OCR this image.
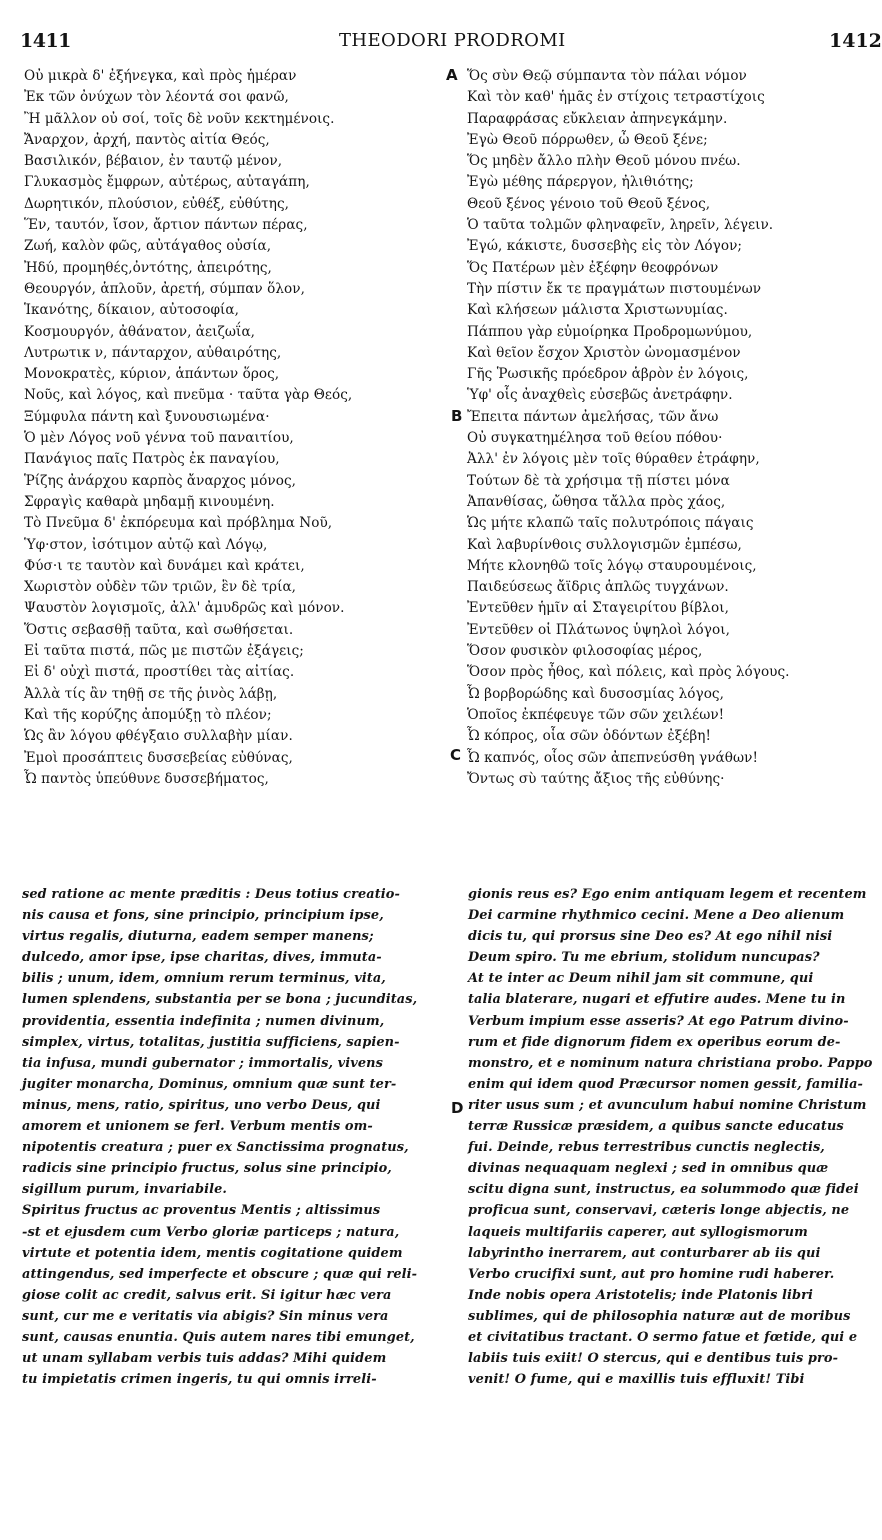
1411	THEODORI PRODROMI	1412
A
B
C
D
Οὐ μικρὰ δ' ἐξήνεγκα, καὶ πρὸς ἡμέραν
Ἐκ τῶν ὀνύχων τὸν λέοντά σοι φανῶ,
Ἢ μᾶλλον οὐ σοί, τοῖς δὲ νοῦν κεκτημένοις.
Ἄναρχον, ἀρχή, παντὸς αἰτία Θεός,
Βασιλικόν, βέβαιον, ἐν ταυτῷ μένον,
Γλυκασμὸς ἔμφρων, αὐτέρως, αὐταγάπη,
Δωρητικόν, πλούσιον, εὐθέξ, εὐθύτης,
Ἕν, ταυτόν, ἴσον, ἄρτιον πάντων πέρας,
Ζωή, καλὸν φῶς, αὐτάγαθος οὐσία,
Ἠδύ, προμηθές,ὀντότης, ἀπειρότης,
Θεουργόν, ἁπλοῦν, ἀρετή, σύμπαν ὅλον,
Ἱκανότης, δίκαιον, αὐτοσοφία,
Κοσμουργόν, ἀθάνατον, ἀειζωΐα,
Λυτρωτικ ν, πάνταρχον, αὐθαιρότης,
Μονοκρατὲς, κύριον, ἁπάντων ὅρος,
Νοῦς, καὶ λόγος, καὶ πνεῦμα · ταῦτα γὰρ Θεός,
Ξύμφυλα πάντη καὶ ξυνουσιωμένα·
Ὁ μὲν Λόγος νοῦ γέννα τοῦ παναιτίου,
Πανάγιος παῖς Πατρὸς ἐκ παναγίου,
Ῥίζης ἀνάρχου καρπὸς ἄναρχος μόνος,
Σφραγὶς καθαρὰ μηδαμῇ κινουμένη.
Τὸ Πνεῦμα δ' ἐκπόρευμα καὶ πρόβλημα Νοῦ,
Ὑφ·στον, ἰσότιμον αὐτῷ καὶ Λόγῳ,
Φύσ·ι τε ταυτὸν καὶ δυνάμει καὶ κράτει,
Χωριστὸν οὐδὲν τῶν τριῶν, ἓν δὲ τρία,
Ψαυστὸν λογισμοῖς, ἀλλ' ἀμυδρῶς καὶ μόνον.
Ὅστις σεβασθῇ ταῦτα, καὶ σωθήσεται.
Εἰ ταῦτα πιστά, πῶς με πιστῶν ἐξάγεις;
Εἰ δ' οὐχὶ πιστά, προστίθει τὰς αἰτίας.
Ἀλλὰ τίς ἂν τηθῇ σε τῆς ῥινὸς λάβῃ,
Καὶ τῆς κορύζης ἀπομύξῃ τὸ πλέον;
Ὡς ἂν λόγου φθέγξαιο συλλαβὴν μίαν.
Ἐμοὶ προσάπτεις δυσσεβείας εὐθύνας,
Ὦ παντὸς ὑπεύθυνε δυσσεβήματος,
Ὅς σὺν Θεῷ σύμπαντα τὸν πάλαι νόμον
Καὶ τὸν καθ' ἡμᾶς ἐν στίχοις τετραστίχοις
Παραφράσας εὔκλειαν ἀπηνεγκάμην.
Ἐγὼ Θεοῦ πόρρωθεν, ὦ Θεοῦ ξένε;
Ὅς μηδὲν ἄλλο πλὴν Θεοῦ μόνου πνέω.
Ἐγὼ μέθης πάρεργον, ἠλιθιότης;
Θεοῦ ξένος γένοιο τοῦ Θεοῦ ξένος,
Ὁ ταῦτα τολμῶν φληναφεῖν, ληρεῖν, λέγειν.
Ἐγώ, κάκιστε, δυσσεβὴς εἰς τὸν Λόγον;
Ὅς Πατέρων μὲν ἐξέφην θεοφρόνων
Τὴν πίστιν ἔκ τε πραγμάτων πιστουμένων
Καὶ κλήσεων μάλιστα Χριστωνυμίας.
Πάππου γὰρ εὐμοίρηκα Προδρομωνύμου,
Καὶ θεῖον ἔσχον Χριστὸν ὠνομασμένον
Γῆς Ῥωσικῆς πρόεδρον ἁβρὸν ἐν λόγοις,
Ὑφ' οἷς ἀναχθεὶς εὐσεβῶς ἀνετράφην.
Ἔπειτα πάντων ἀμελήσας, τῶν ἄνω
Οὐ συγκατημέλησα τοῦ θείου πόθου·
Ἀλλ' ἐν λόγοις μὲν τοῖς θύραθεν ἐτράφην,
Τούτων δὲ τὰ χρήσιμα τῇ πίστει μόνα
Ἀπανθίσας, ὤθησα τἄλλα πρὸς χάος,
Ὡς μήτε κλαπῶ ταῖς πολυτρόποις πάγαις
Καὶ λαβυρίνθοις συλλογισμῶν ἐμπέσω,
Μήτε κλονηθῶ τοῖς λόγῳ σταυρουμένοις,
Παιδεύσεως ἄϊδρις ἁπλῶς τυγχάνων.
Ἐντεῦθεν ἡμῖν αἱ Σταγειρίτου βίβλοι,
Ἐντεῦθεν οἱ Πλάτωνος ὑψηλοὶ λόγοι,
Ὅσον φυσικὸν φιλοσοφίας μέρος,
Ὅσον πρὸς ἦθος, καὶ πόλεις, καὶ πρὸς λόγους.
Ὦ βορβορώδης καὶ δυσοσμίας λόγος,
Ὁποῖος ἐκπέφευγε τῶν σῶν χειλέων!
Ὦ κόπρος, οἷα σῶν ὀδόντων ἐξέβη!
Ὦ καπνός, οἷος σῶν ἀπεπνεύσθη γνάθων!
Ὄντως σὺ ταύτης ἄξιος τῆς εὐθύνης·
sed ratione ac mente præditis : Deus totius creatio-
nis causa et fons, sine principio, principium ipse,
virtus regalis, diuturna, eadem semper manens;
dulcedo, amor ipse, ipse charitas, dives, immuta-
bilis ; unum, idem, omnium rerum terminus, vita,
lumen splendens, substantia per se bona ; jucunditas,
providentia, essentia indefinita ; numen divinum,
simplex, virtus, totalitas, justitia sufficiens, sapien-
tia infusa, mundi gubernator ; immortalis, vivens
jugiter monarcha, Dominus, omnium quæ sunt ter-
minus, mens, ratio, spiritus, uno verbo Deus, qui
amorem et unionem se ferl. Verbum mentis om-
nipotentis creatura ; puer ex Sanctissima prognatus,
radicis sine principio fructus, solus sine principio,
sigillum purum, invariabile.
Spiritus fructus ac proventus Mentis ; altissimus
-st et ejusdem cum Verbo gloriæ particeps ; natura,
virtute et potentia idem, mentis cogitatione quidem
attingendus, sed imperfecte et obscure ; quæ qui reli-
giose colit ac credit, salvus erit. Si igitur hæc vera
sunt, cur me e veritatis via abigis? Sin minus vera
sunt, causas enuntia. Quis autem nares tibi emunget,
ut unam syllabam verbis tuis addas? Mihi quidem
tu impietatis crimen ingeris, tu qui omnis irreli-
gionis reus es? Ego enim antiquam legem et recentem
Dei carmine rhythmico cecini. Mene a Deo alienum
dicis tu, qui prorsus sine Deo es? At ego nihil nisi
Deum spiro. Tu me ebrium, stolidum nuncupas?
At te inter ac Deum nihil jam sit commune, qui
talia blaterare, nugari et effutire audes. Mene tu in
Verbum impium esse asseris? At ego Patrum divino-
rum et fide dignorum fidem ex operibus eorum de-
monstro, et e nominum natura christiana probo. Pappo
enim qui idem quod Præcursor nomen gessit, familia-
riter usus sum ; et avunculum habui nomine Christum
terræ Russicæ præsidem, a quibus sancte educatus
fui. Deinde, rebus terrestribus cunctis neglectis,
divinas nequaquam neglexi ; sed in omnibus quæ
scitu digna sunt, instructus, ea solummodo quæ fidei
proficua sunt, conservavi, cæteris longe abjectis, ne
laqueis multifariis caperer, aut syllogismorum
labyrintho inerrarem, aut conturbarer ab iis qui
Verbo crucifixi sunt, aut pro homine rudi haberer.
Inde nobis opera Aristotelis; inde Platonis libri
sublimes, qui de philosophia naturæ aut de moribus
et civitatibus tractant. O sermo fatue et fœtide, qui e
labiis tuis exiit! O stercus, qui e dentibus tuis pro-
venit! O fume, qui e maxillis tuis effluxit! Tibi
